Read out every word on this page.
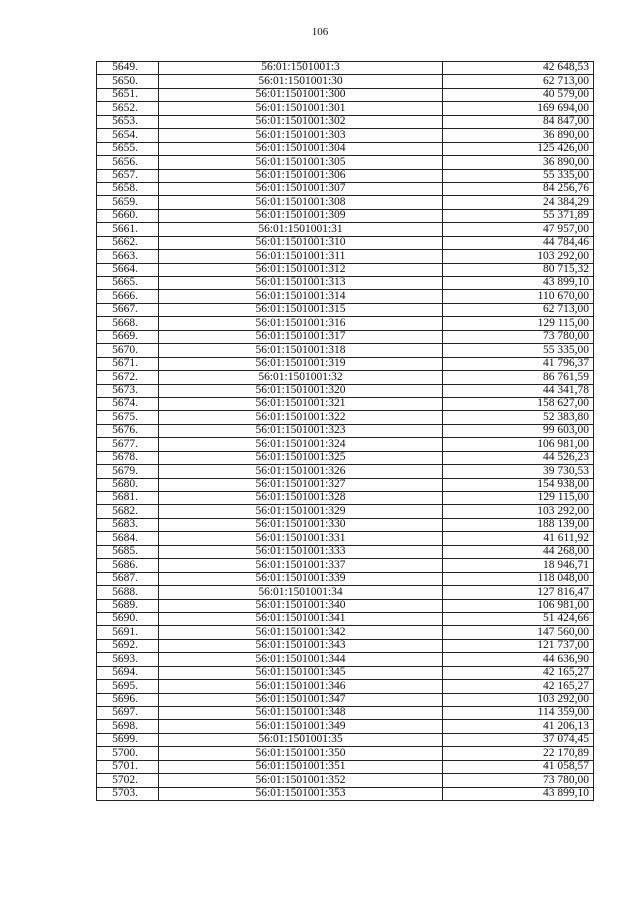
106
5649.	56:01:1501001:3	42 648,53
5650.	56:01:1501001:30	62 713,00
5651.	56:01:1501001:300	40 579,00
5652.	56:01:1501001:301	169 694,00
5653.	56:01:1501001:302	84 847,00
5654.	56:01:1501001:303	36 890,00
5655.	56:01:1501001:304	125 426,00
5656.	56:01:1501001:305	36 890,00
5657.	56:01:1501001:306	55 335,00
5658.	56:01:1501001:307	84 256,76
5659.	56:01:1501001:308	24 384,29
5660.	56:01:1501001:309	55 371,89
5661.	56:01:1501001:31	47 957,00
5662.	56:01:1501001:310	44 784,46
5663.	56:01:1501001:311	103 292,00
5664.	56:01:1501001:312	80 715,32
5665.	56:01:1501001:313	43 899,10
5666.	56:01:1501001:314	110 670,00
5667.	56:01:1501001:315	62 713,00
5668.	56:01:1501001:316	129 115,00
5669.	56:01:1501001:317	73 780,00
5670.	56:01:1501001:318	55 335,00
5671.	56:01:1501001:319	41 796,37
5672.	56:01:1501001:32	86 761,59
5673.	56:01:1501001:320	44 341,78
5674.	56:01:1501001:321	158 627,00
5675.	56:01:1501001:322	52 383,80
5676.	56:01:1501001:323	99 603,00
5677.	56:01:1501001:324	106 981,00
5678.	56:01:1501001:325	44 526,23
5679.	56:01:1501001:326	39 730,53
5680.	56:01:1501001:327	154 938,00
5681.	56:01:1501001:328	129 115,00
5682.	56:01:1501001:329	103 292,00
5683.	56:01:1501001:330	188 139,00
5684.	56:01:1501001:331	41 611,92
5685.	56:01:1501001:333	44 268,00
5686.	56:01:1501001:337	18 946,71
5687.	56:01:1501001:339	118 048,00
5688.	56:01:1501001:34	127 816,47
5689.	56:01:1501001:340	106 981,00
5690.	56:01:1501001:341	51 424,66
5691.	56:01:1501001:342	147 560,00
5692.	56:01:1501001:343	121 737,00
5693.	56:01:1501001:344	44 636,90
5694.	56:01:1501001:345	42 165,27
5695.	56:01:1501001:346	42 165,27
5696.	56:01:1501001:347	103 292,00
5697.	56:01:1501001:348	114 359,00
5698.	56:01:1501001:349	41 206,13
5699.	56:01:1501001:35	37 074,45
5700.	56:01:1501001:350	22 170,89
5701.	56:01:1501001:351	41 058,57
5702.	56:01:1501001:352	73 780,00
5703.	56:01:1501001:353	43 899,10
